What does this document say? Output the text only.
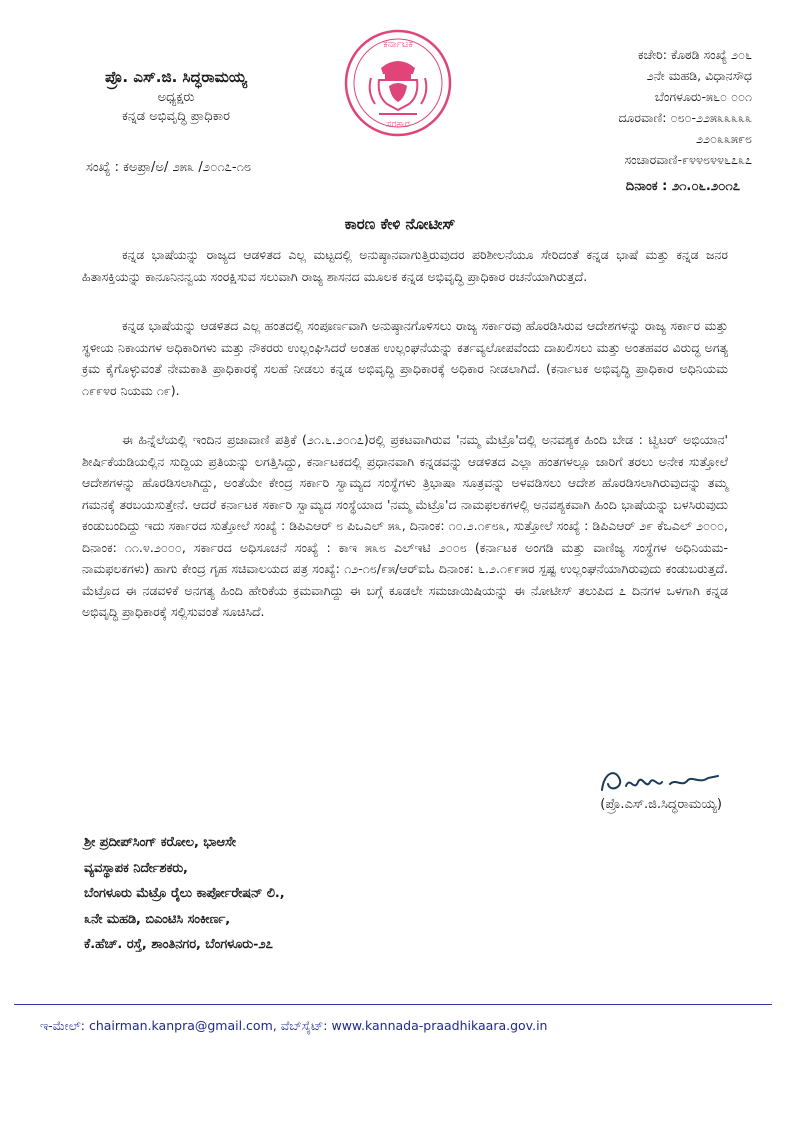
ಪ್ರೊ. ಎಸ್.ಜಿ. ಸಿದ್ಧರಾಮಯ್ಯ
ಅಧ್ಯಕ್ಷರು
ಕನ್ನಡ ಅಭಿವೃದ್ಧಿ ಪ್ರಾಧಿಕಾರ
ಕರ್ನಾಟಕ
ಸರಕಾರ
ಕಚೇರಿ: ಕೊಠಡಿ ಸಂಖ್ಯೆ ೨೦೬
೨ನೇ ಮಹಡಿ, ವಿಧಾನಸೌಧ
ಬೆಂಗಳೂರು-೫೬೦ ೦೦೧
ದೂರವಾಣಿ: ೦೮೦-೨೨೫೩೩೩೩೩
೨೨೦೩೩೫೯೮
ಸಂಚಾರವಾಣಿ-೯೪೪೮೪೪೬೭೩೭
ಸಂಖ್ಯೆ : ಕಅಪ್ರಾ/ಅ/ ೨೫೩ /೨೦೧೭-೧೮
ದಿನಾಂಕ : ೨೧.೦೬.೨೦೧೭
ಕಾರಣ ಕೇಳಿ ನೋಟೀಸ್

ಕನ್ನಡ ಭಾಷೆಯನ್ನು ರಾಜ್ಯದ ಆಡಳಿತದ ಎಲ್ಲ ಮಟ್ಟದಲ್ಲಿ ಅನುಷ್ಠಾನವಾಗುತ್ತಿರುವುದರ ಪರಿಶೀಲನೆಯೂ ಸೇರಿದಂತೆ ಕನ್ನಡ ಭಾಷೆ ಮತ್ತು ಕನ್ನಡ ಜನರ ಹಿತಾಸಕ್ತಿಯನ್ನು ಕಾನೂನಿನನ್ವಯ ಸಂರಕ್ಷಿಸುವ ಸಲುವಾಗಿ ರಾಜ್ಯ ಶಾಸನದ ಮೂಲಕ ಕನ್ನಡ ಅಭಿವೃದ್ಧಿ ಪ್ರಾಧಿಕಾರ ರಚನೆಯಾಗಿರುತ್ತದೆ.

ಕನ್ನಡ ಭಾಷೆಯನ್ನು ಆಡಳಿತದ ಎಲ್ಲ ಹಂತದಲ್ಲಿ ಸಂಪೂರ್ಣವಾಗಿ ಅನುಷ್ಠಾನಗೊಳಿಸಲು ರಾಜ್ಯ ಸರ್ಕಾರವು ಹೊರಡಿಸಿರುವ ಆದೇಶಗಳನ್ನು ರಾಜ್ಯ ಸರ್ಕಾರ ಮತ್ತು ಸ್ಥಳೀಯ ನಿಕಾಯಗಳ ಅಧಿಕಾರಿಗಳು ಮತ್ತು ನೌಕರರು ಉಲ್ಲಂಘಿಸಿದರೆ ಅಂತಹ ಉಲ್ಲಂಘನೆಯನ್ನು ಕರ್ತವ್ಯಲೋಪವೆಂದು ದಾಖಲಿಸಲು ಮತ್ತು ಅಂತಹವರ ವಿರುದ್ಧ ಅಗತ್ಯ ಕ್ರಮ ಕೈಗೊಳ್ಳುವಂತೆ ನೇಮಕಾತಿ ಪ್ರಾಧಿಕಾರಕ್ಕೆ ಸಲಹೆ ನೀಡಲು ಕನ್ನಡ ಅಭಿವೃದ್ಧಿ ಪ್ರಾಧಿಕಾರಕ್ಕೆ ಅಧಿಕಾರ ನೀಡಲಾಗಿದೆ. (ಕರ್ನಾಟಕ ಅಭಿವೃದ್ಧಿ ಪ್ರಾಧಿಕಾರ ಅಧಿನಿಯಮ ೧೯೯೪ರ ನಿಯಮ ೧೯).

ಈ ಹಿನ್ನೆಲೆಯಲ್ಲಿ ಇಂದಿನ ಪ್ರಜಾವಾಣಿ ಪತ್ರಿಕೆ (೨೧.೬.೨೦೧೭)ರಲ್ಲಿ ಪ್ರಕಟವಾಗಿರುವ 'ನಮ್ಮ ಮೆಟ್ರೊ'ದಲ್ಲಿ ಅನವಶ್ಯಕ ಹಿಂದಿ ಬೇಡ : ಟ್ವಿಟರ್ ಅಭಿಯಾನ' ಶೀರ್ಷಿಕೆಯಡಿಯಲ್ಲಿನ ಸುದ್ದಿಯ ಪ್ರತಿಯನ್ನು ಲಗತ್ತಿಸಿದ್ದು, ಕರ್ನಾಟಕದಲ್ಲಿ ಪ್ರಧಾನವಾಗಿ ಕನ್ನಡವನ್ನು ಆಡಳಿತದ ಎಲ್ಲಾ ಹಂತಗಳಲ್ಲೂ ಜಾರಿಗೆ ತರಲು ಅನೇಕ ಸುತ್ತೋಲೆ ಆದೇಶಗಳನ್ನು ಹೊರಡಿಸಲಾಗಿದ್ದು, ಅಂತೆಯೇ ಕೇಂದ್ರ ಸರ್ಕಾರಿ ಸ್ವಾಮ್ಯದ ಸಂಸ್ಥೆಗಳು ತ್ರಿಭಾಷಾ ಸೂತ್ರವನ್ನು ಅಳವಡಿಸಲು ಆದೇಶ ಹೊರಡಿಸಲಾಗಿರುವುದನ್ನು ತಮ್ಮ ಗಮನಕ್ಕೆ ತರಬಯಸುತ್ತೇನೆ. ಆದರೆ ಕರ್ನಾಟಕ ಸರ್ಕಾರಿ ಸ್ವಾಮ್ಯದ ಸಂಸ್ಥೆಯಾದ 'ನಮ್ಮ ಮೆಟ್ರೊ'ದ ನಾಮಫಲಕಗಳಲ್ಲಿ ಅನವಶ್ಯಕವಾಗಿ ಹಿಂದಿ ಭಾಷೆಯನ್ನು ಬಳಸಿರುವುದು ಕಂಡುಬಂದಿದ್ದು ಇದು ಸರ್ಕಾರದ ಸುತ್ತೋಲೆ ಸಂಖ್ಯೆ : ಡಿಪಿಎಆರ್ ೮ ಪಿಒಎಲ್ ೫೩, ದಿನಾಂಕ: ೧೦.೨.೧೯೮೩, ಸುತ್ತೋಲೆ ಸಂಖ್ಯೆ : ಡಿಪಿಎಆರ್ ೨೯ ಕೆಒಎಲ್ ೨೦೦೦, ದಿನಾಂಕ: ೧೧.೪.೨೦೦೦, ಸರ್ಕಾರದ ಅಧಿಸೂಚನೆ ಸಂಖ್ಯೆ : ಕಾಇ ೫೩೮ ಎಲ್‌ಇಟಿ ೨೦೦೮ (ಕರ್ನಾಟಕ ಅಂಗಡಿ ಮತ್ತು ವಾಣಿಜ್ಯ ಸಂಸ್ಥೆಗಳ ಅಧಿನಿಯಮ-ನಾಮಫಲಕಗಳು) ಹಾಗು ಕೇಂದ್ರ ಗೃಹ ಸಚಿವಾಲಯದ ಪತ್ರ ಸಂಖ್ಯೆ: ೧೨-೧೮/೯೫/ಆರ್‌ಐಓ ದಿನಾಂಕ: ೬.೨.೧೯೯೫ರ ಸ್ಪಷ್ಟ ಉಲ್ಲಂಘನೆಯಾಗಿರುವುದು ಕಂಡುಬರುತ್ತದೆ. ಮೆಟ್ರೊದ ಈ ನಡವಳಿಕೆ ಅನಗತ್ಯ ಹಿಂದಿ ಹೇರಿಕೆಯ ಕ್ರಮವಾಗಿದ್ದು ಈ ಬಗ್ಗೆ ಕೂಡಲೇ ಸಮಜಾಯಿಷಿಯನ್ನು ಈ ನೋಟೀಸ್ ತಲುಪಿದ ೭ ದಿನಗಳ ಒಳಗಾಗಿ ಕನ್ನಡ ಅಭಿವೃದ್ಧಿ ಪ್ರಾಧಿಕಾರಕ್ಕೆ ಸಲ್ಲಿಸುವಂತೆ ಸೂಚಿಸಿದೆ.

(ಪ್ರೊ.ಎಸ್.ಜಿ.ಸಿದ್ಧರಾಮಯ್ಯ)
ಶ್ರೀ ಪ್ರದೀಪ್‌ಸಿಂಗ್ ಕರೋಲ, ಭಾಆಸೇ
ವ್ಯವಸ್ಥಾಪಕ ನಿರ್ದೇಶಕರು,
ಬೆಂಗಳೂರು ಮೆಟ್ರೊ ರೈಲು ಕಾರ್ಪೋರೇಷನ್ ಲಿ.,
೩ನೇ ಮಹಡಿ, ಬಿಎಂಟಿಸಿ ಸಂಕೀರ್ಣ,
ಕೆ.ಹೆಚ್. ರಸ್ತೆ, ಶಾಂತಿನಗರ, ಬೆಂಗಳೂರು-೨೭
ಇ-ಮೇಲ್: chairman.kanpra@gmail.com, ವೆಬ್‌ಸೈಟ್: www.kannada-praadhikaara.gov.in
